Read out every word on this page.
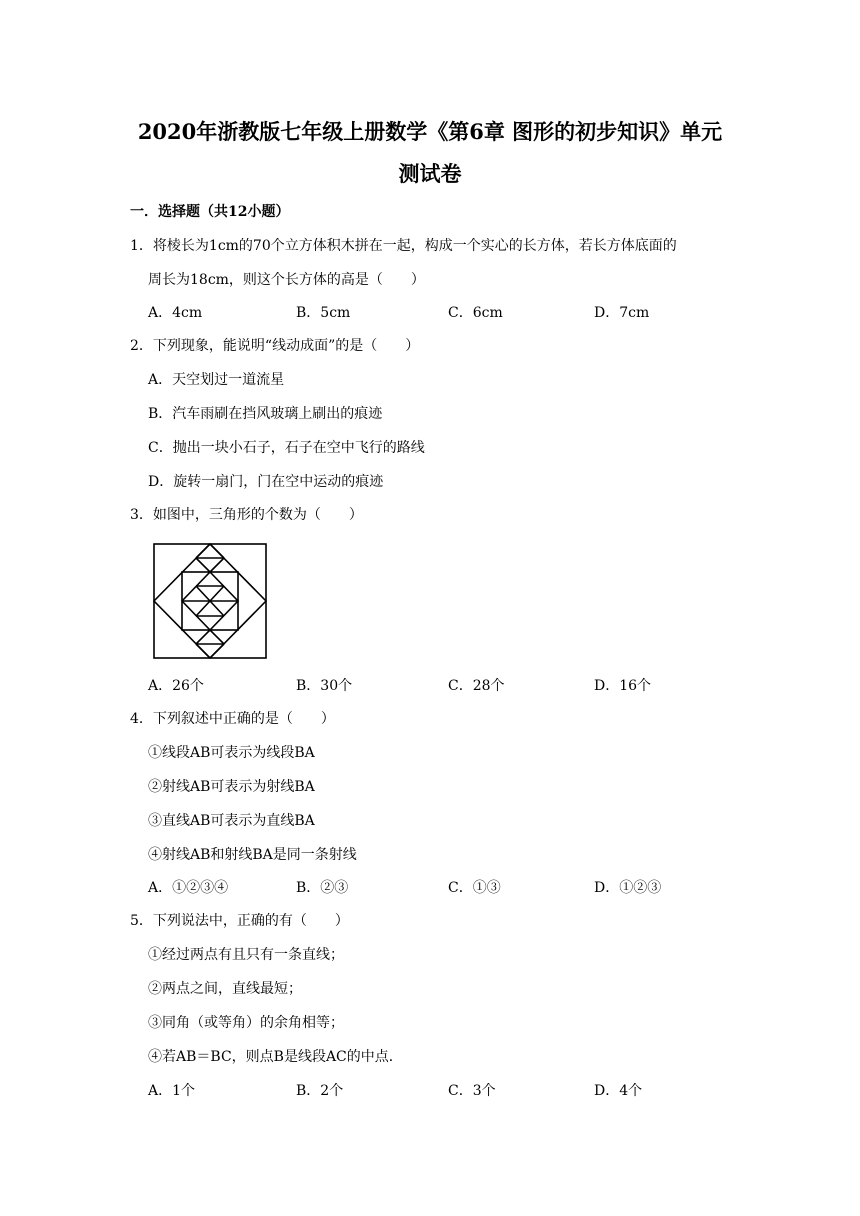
2020年浙教版七年级上册数学《第6章 图形的初步知识》单元
测试卷
一．选择题（共12小题）
1．将棱长为1cm的70个立方体积木拼在一起，构成一个实心的长方体，若长方体底面的
周长为18cm，则这个长方体的高是（　　）
A．4cm	B．5cm	C．6cm	D．7cm
2．下列现象，能说明“线动成面”的是（　　）
A．天空划过一道流星
B．汽车雨刷在挡风玻璃上刷出的痕迹
C．抛出一块小石子，石子在空中飞行的路线
D．旋转一扇门，门在空中运动的痕迹
3．如图中，三角形的个数为（　　）
A．26个	B．30个	C．28个	D．16个
4．下列叙述中正确的是（　　）
①线段AB可表示为线段BA
②射线AB可表示为射线BA
③直线AB可表示为直线BA
④射线AB和射线BA是同一条射线
A．①②③④	B．②③	C．①③	D．①②③
5．下列说法中，正确的有（　　）
①经过两点有且只有一条直线；
②两点之间，直线最短；
③同角（或等角）的余角相等；
④若AB＝BC，则点B是线段AC的中点．
A．1个	B．2个	C．3个	D．4个
